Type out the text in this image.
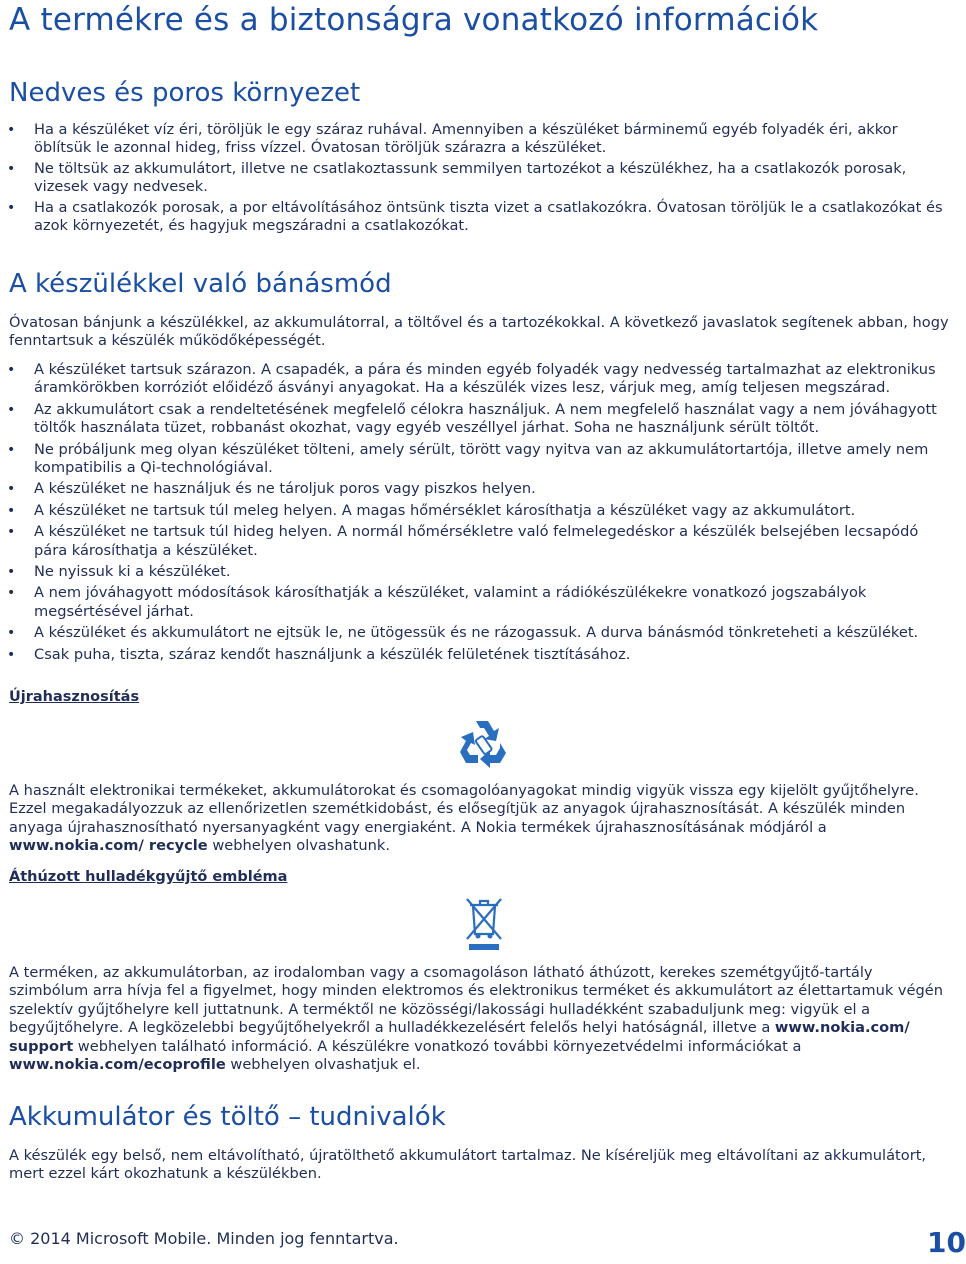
A termékre és a biztonságra vonatkozó információk
Nedves és poros környezet
• Ha a készüléket víz éri, töröljük le egy száraz ruhával. Amennyiben a készüléket bárminemű egyéb folyadék éri, akkor öblítsük le azonnal hideg, friss vízzel. Óvatosan töröljük szárazra a készüléket.
• Ne töltsük az akkumulátort, illetve ne csatlakoztassunk semmilyen tartozékot a készülékhez, ha a csatlakozók porosak, vizesek vagy nedvesek.
• Ha a csatlakozók porosak, a por eltávolításához öntsünk tiszta vizet a csatlakozókra. Óvatosan töröljük le a csatlakozókat és azok környezetét, és hagyjuk megszáradni a csatlakozókat.
A készülékkel való bánásmód
Óvatosan bánjunk a készülékkel, az akkumulátorral, a töltővel és a tartozékokkal. A következő javaslatok segítenek abban, hogy fenntartsuk a készülék működőképességét.
• A készüléket tartsuk szárazon. A csapadék, a pára és minden egyéb folyadék vagy nedvesség tartalmazhat az elektronikus áramkörökben korróziót előidéző ásványi anyagokat. Ha a készülék vizes lesz, várjuk meg, amíg teljesen megszárad.
• Az akkumulátort csak a rendeltetésének megfelelő célokra használjuk. A nem megfelelő használat vagy a nem jóváhagyott töltők használata tüzet, robbanást okozhat, vagy egyéb veszéllyel járhat. Soha ne használjunk sérült töltőt.
• Ne próbáljunk meg olyan készüléket tölteni, amely sérült, törött vagy nyitva van az akkumulátortartója, illetve amely nem kompatibilis a Qi-technológiával.
• A készüléket ne használjuk és ne tároljuk poros vagy piszkos helyen.
• A készüléket ne tartsuk túl meleg helyen. A magas hőmérséklet károsíthatja a készüléket vagy az akkumulátort.
• A készüléket ne tartsuk túl hideg helyen. A normál hőmérsékletre való felmelegedéskor a készülék belsejében lecsapódó pára károsíthatja a készüléket.
• Ne nyissuk ki a készüléket.
• A nem jóváhagyott módosítások károsíthatják a készüléket, valamint a rádiókészülékekre vonatkozó jogszabályok megsértésével járhat.
• A készüléket és akkumulátort ne ejtsük le, ne ütögessük és ne rázogassuk. A durva bánásmód tönkreteheti a készüléket.
• Csak puha, tiszta, száraz kendőt használjunk a készülék felületének tisztításához.
Újrahasznosítás
A használt elektronikai termékeket, akkumulátorokat és csomagolóanyagokat mindig vigyük vissza egy kijelölt gyűjtőhelyre. Ezzel megakadályozzuk az ellenőrizetlen szemétkidobást, és elősegítjük az anyagok újrahasznosítását. A készülék minden anyaga újrahasznosítható nyersanyagként vagy energiaként. A Nokia termékek újrahasznosításának módjáról a www.nokia.com/ recycle webhelyen olvashatunk.
Áthúzott hulladékgyűjtő embléma
A terméken, az akkumulátorban, az irodalomban vagy a csomagoláson látható áthúzott, kerekes szemétgyűjtő-tartály szimbólum arra hívja fel a figyelmet, hogy minden elektromos és elektronikus terméket és akkumulátort az élettartamuk végén szelektív gyűjtőhelyre kell juttatnunk. A terméktől ne közösségi/lakossági hulladékként szabaduljunk meg: vigyük el a begyűjtőhelyre. A legközelebbi begyűjtőhelyekről a hulladékkezelésért felelős helyi hatóságnál, illetve a www.nokia.com/ support webhelyen található információ. A készülékre vonatkozó további környezetvédelmi információkat a www.nokia.com/ecoprofile webhelyen olvashatjuk el.
Akkumulátor és töltő – tudnivalók
A készülék egy belső, nem eltávolítható, újratölthető akkumulátort tartalmaz. Ne kíséreljük meg eltávolítani az akkumulátort, mert ezzel kárt okozhatunk a készülékben.
© 2014 Microsoft Mobile. Minden jog fenntartva.	10
